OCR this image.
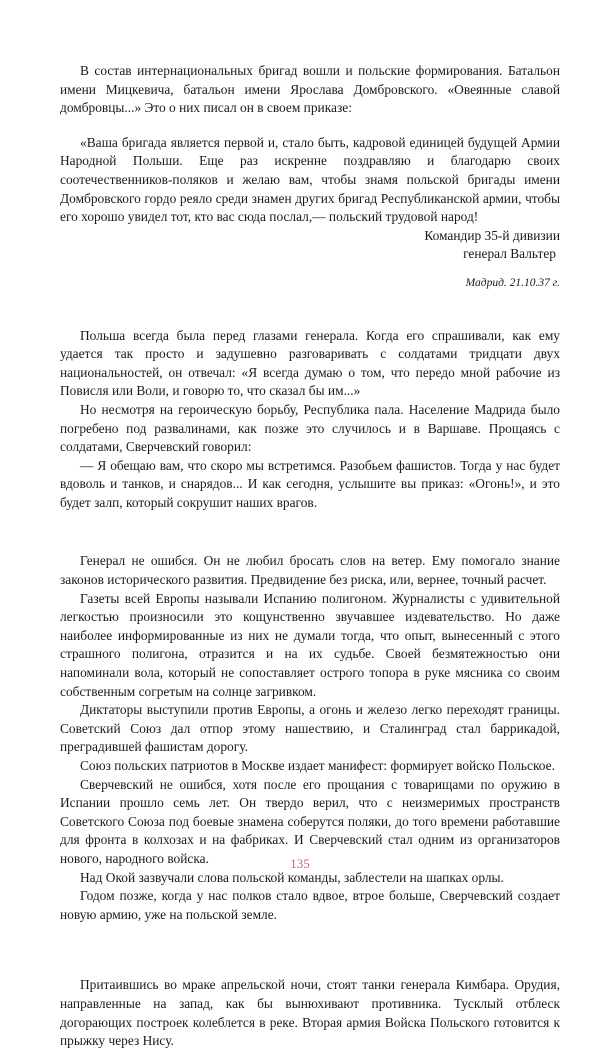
В состав интернациональных бригад вошли и польские формирования. Батальон имени Мицкевича, батальон имени Ярослава Домбровского. «Овеянные славой домбровцы...» Это о них писал он в своем приказе:

«Ваша бригада является первой и, стало быть, кадровой единицей будущей Армии Народной Польши. Еще раз искренне поздравляю и благодарю своих соотечественников-поляков и желаю вам, чтобы знамя польской бригады имени Домбровского гордо реяло среди знамен других бригад Республиканской армии, чтобы его хорошо увидел тот, кто вас сюда послал,— польский трудовой народ!

Командир 35-й дивизии

генерал Вальтер

Мадрид. 21.10.37 г.

Польша всегда была перед глазами генерала. Когда его спрашивали, как ему удается так просто и задушевно разговаривать с солдатами тридцати двух национальностей, он отвечал: «Я всегда думаю о том, что передо мной рабочие из Повисля или Воли, и говорю то, что сказал бы им...»

Но несмотря на героическую борьбу, Республика пала. Население Мадрида было погребено под развалинами, как позже это случилось и в Варшаве. Прощаясь с солдатами, Сверчевский говорил:

— Я обещаю вам, что скоро мы встретимся. Разобьем фашистов. Тогда у нас будет вдоволь и танков, и снарядов... И как сегодня, услышите вы приказ: «Огонь!», и это будет залп, который сокрушит наших врагов.

Генерал не ошибся. Он не любил бросать слов на ветер. Ему помогало знание законов исторического развития. Предвидение без риска, или, вернее, точный расчет.

Газеты всей Европы называли Испанию полигоном. Журналисты с удивительной легкостью произносили это кощунственно звучавшее издевательство. Но даже наиболее информированные из них не думали тогда, что опыт, вынесенный с этого страшного полигона, отразится и на их судьбе. Своей безмятежностью они напоминали вола, который не сопоставляет острого топора в руке мясника со своим собственным согретым на солнце загривком.

Диктаторы выступили против Европы, а огонь и железо легко переходят границы. Советский Союз дал отпор этому нашествию, и Сталинград стал баррикадой, преградившей фашистам дорогу.

Союз польских патриотов в Москве издает манифест: формирует войско Польское.

Сверчевский не ошибся, хотя после его прощания с товарищами по оружию в Испании прошло семь лет. Он твердо верил, что с неизмеримых пространств Советского Союза под боевые знамена соберутся поляки, до того времени работавшие для фронта в колхозах и на фабриках. И Сверчевский стал одним из организаторов нового, народного войска.

Над Окой зазвучали слова польской команды, заблестели на шапках орлы.

Годом позже, когда у нас полков стало вдвое, втрое больше, Сверчевский создает новую армию, уже на польской земле.

Притаившись во мраке апрельской ночи, стоят танки генерала Кимбара. Орудия, направленные на запад, как бы вынюхивают противника. Тусклый отблеск догорающих построек колеблется в реке. Вторая армия Войска Польского готовится к прыжку через Нису.

135
